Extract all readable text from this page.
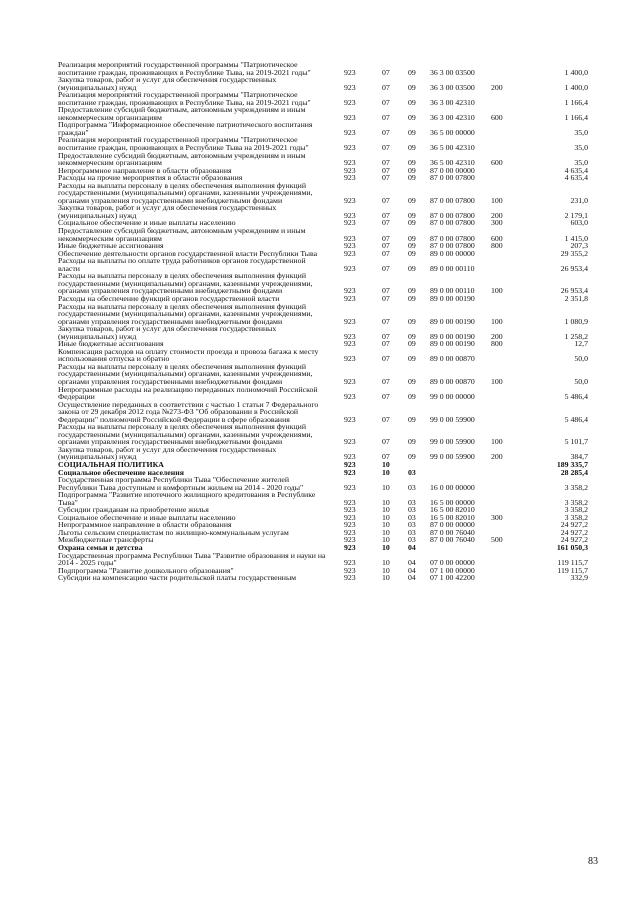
Реализация мероприятий государственной программы "Патриотическое воспитание граждан, проживающих в Республике Тыва, на 2019-2021 годы"	923	07 09 36 3 00 03500	1 400,0
Закупка товаров, работ и услуг для обеспечения государственных (муниципальных) нужд	923	07 09 36 3 00 03500 200	1 400,0
Реализация мероприятий государственной программы "Патриотическое воспитание граждан, проживающих в Республике Тыва, на 2019-2021 годы"	923	07 09 36 3 00 42310	1 166,4
Предоставление субсидий бюджетным, автономным учреждениям и иным некоммерческим организациям	923	07 09 36 3 00 42310 600	1 166,4
Подпрограмма "Информационное обеспечение патриотического воспитания граждан"	923	07 09 36 5 00 00000	35,0
Реализация мероприятий государственной программы "Патриотическое воспитание граждан, проживающих в Республике Тыва на 2019-2021 годы"	923	07 09 36 5 00 42310	35,0
Предоставление субсидий бюджетным, автономным учреждениям и иным некоммерческим организациям	923	07 09 36 5 00 42310 600	35,0
Непрограммное направление в области образования	923	07 09 87 0 00 00000	4 635,4
Расходы на прочие мероприятия в области образования	923	07 09 87 0 00 07800	4 635,4
Расходы на выплаты персоналу в целях обеспечения выполнения функций государственными (муниципальными) органами, казенными учреждениями, органами управления государственными внебюджетными фондами	923	07 09 87 0 00 07800 100	231,0
Закупка товаров, работ и услуг для обеспечения государственных (муниципальных) нужд	923	07 09 87 0 00 07800 200	2 179,1
Социальное обеспечение и иные выплаты населению	923	07 09 87 0 00 07800 300	603,0
Предоставление субсидий бюджетным, автономным учреждениям и иным некоммерческим организациям	923	07 09 87 0 00 07800 600	1 415,0
Иные бюджетные ассигнования	923	07 09 87 0 00 07800 800	207,3
Обеспечение деятельности органов государственной власти Республики Тыва	923	07 09 89 0 00 00000	29 355,2
Расходы на выплаты по оплате труда работников органов государственной власти	923	07 09 89 0 00 00110	26 953,4
Расходы на выплаты персоналу в целях обеспечения выполнения функций государственными (муниципальными) органами, казенными учреждениями, органами управления государственными внебюджетными фондами	923	07 09 89 0 00 00110 100	26 953,4
Расходы на обеспечение функций органов государственной власти	923	07 09 89 0 00 00190	2 351,8
Расходы на выплаты персоналу в целях обеспечения выполнения функций государственными (муниципальными) органами, казенными учреждениями, органами управления государственными внебюджетными фондами	923	07 09 89 0 00 00190 100	1 080,9
Закупка товаров, работ и услуг для обеспечения государственных (муниципальных) нужд	923	07 09 89 0 00 00190 200	1 258,2
Иные бюджетные ассигнования	923	07 09 89 0 00 00190 800	12,7
Компенсация расходов на оплату стоимости проезда и провоза багажа к месту использования отпуска и обратно	923	07 09 89 0 00 00870	50,0
Расходы на выплаты персоналу в целях обеспечения выполнения функций государственными (муниципальными) органами, казенными учреждениями, органами управления государственными внебюджетными фондами	923	07 09 89 0 00 00870 100	50,0
Непрограммные расходы на реализацию переданных полномочий Российской Федерации	923	07 09 99 0 00 00000	5 486,4
Осуществление переданных в соответствии с частью 1 статьи 7 Федерального закона от 29 декабря 2012 года №273-ФЗ "Об образовании в Российской Федерации" полномочий Российской Федерации в сфере образования	923	07 09 99 0 00 59900	5 486,4
Расходы на выплаты персоналу в целях обеспечения выполнения функций государственными (муниципальными) органами, казенными учреждениями, органами управления государственными внебюджетными фондами	923	07 09 99 0 00 59900 100	5 101,7
Закупка товаров, работ и услуг для обеспечения государственных (муниципальных) нужд	923	07 09 99 0 00 59900 200	384,7
СОЦИАЛЬНАЯ ПОЛИТИКА	923	10	189 335,7
Социальное обеспечение населения	923	10 03	28 285,4
Государственная программа Республики Тыва "Обеспечение жителей Республики Тыва доступным и комфортным жильем на 2014 - 2020 годы"	923	10 03 16 0 00 00000	3 358,2
Подпрограмма "Развитие ипотечного жилищного кредитования в Республике Тыва"	923	10 03 16 5 00 00000	3 358,2
Субсидии гражданам на приобретение жилья	923	10 03 16 5 00 82010	3 358,2
Социальное обеспечение и иные выплаты населению	923	10 03 16 5 00 82010 300	3 358,2
Непрограммное направление в области образования	923	10 03 87 0 00 00000	24 927,2
Льготы сельским специалистам по жилищно-коммунальным услугам	923	10 03 87 0 00 76040	24 927,2
Межбюджетные трансферты	923	10 03 87 0 00 76040 500	24 927,2
Охрана семьи и детства	923	10 04	161 050,3
Государственная программа Республики Тыва "Развитие образования и науки на 2014 - 2025 годы"	923	10 04 07 0 00 00000	119 115,7
Подпрограмма "Развитие дошкольного образования"	923	10 04 07 1 00 00000	119 115,7
Субсидии на компенсацию части родительской платы государственным	923	10 04 07 1 00 42200	332,9
83
